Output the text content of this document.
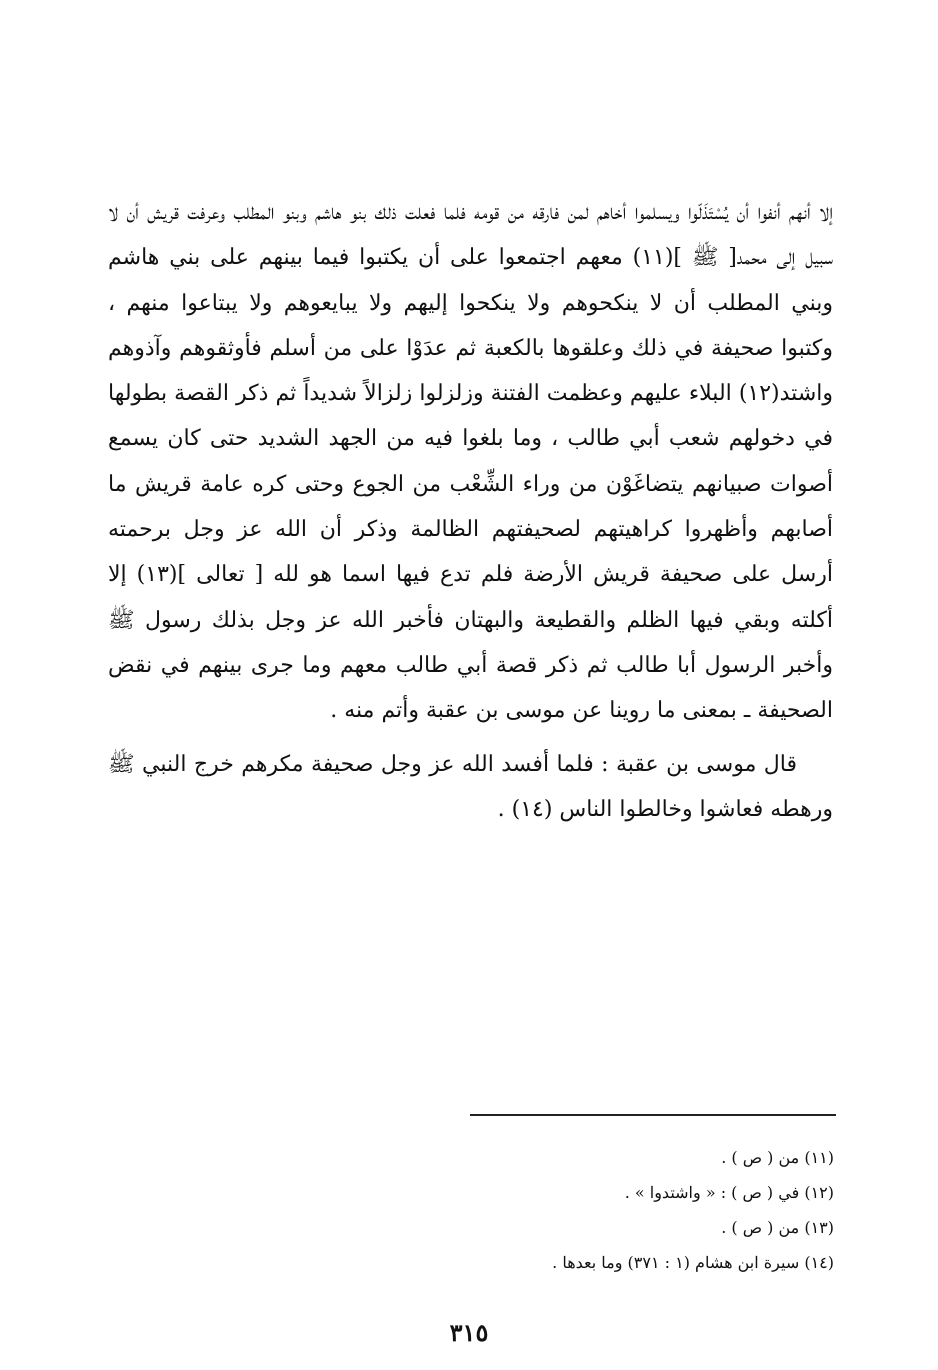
إلا أنهم أنفوا أن يُسْتَذَلّوا ويسلموا أخاهم لمن فارقه من قومه فلما فعلت ذلك بنو هاشم وبنو المطلب وعرفت قريش أن لا سبيل إلى محمد[ ﷺ ](١١) معهم اجتمعوا على أن يكتبوا فيما بينهم على بني هاشم وبني المطلب أن لا ينكحوهم ولا ينكحوا إليهم ولا يبايعوهم ولا يبتاعوا منهم ، وكتبوا صحيفة في ذلك وعلقوها بالكعبة ثم عدَوْا على من أسلم فأوثقوهم وآذوهم واشتد(١٢) البلاء عليهم وعظمت الفتنة وزلزلوا زلزالاً شديداً ثم ذكر القصة بطولها في دخولهم شعب أبي طالب ، وما بلغوا فيه من الجهد الشديد حتى كان يسمع أصوات صبيانهم يتضاغَوْن من وراء الشِّعْب من الجوع وحتى كره عامة قريش ما أصابهم وأظهروا كراهيتهم لصحيفتهم الظالمة وذكر أن الله عز وجل برحمته أرسل على صحيفة قريش الأرضة فلم تدع فيها اسما هو لله [ تعالى ](١٣) إلا أكلته وبقي فيها الظلم والقطيعة والبهتان فأخبر الله عز وجل بذلك رسول ﷺ وأخبر الرسول أبا طالب ثم ذكر قصة أبي طالب معهم وما جرى بينهم في نقض الصحيفة ـ بمعنى ما روينا عن موسى بن عقبة وأتم منه .

قال موسى بن عقبة : فلما أفسد الله عز وجل صحيفة مكرهم خرج النبي ﷺ ورهطه فعاشوا وخالطوا الناس (١٤) .

(١١) من ( ص ) .

(١٢) في ( ص ) : « واشتدوا » .

(١٣) من ( ص ) .

(١٤) سيرة ابن هشام (١ : ٣٧١) وما بعدها .

٣١٥
